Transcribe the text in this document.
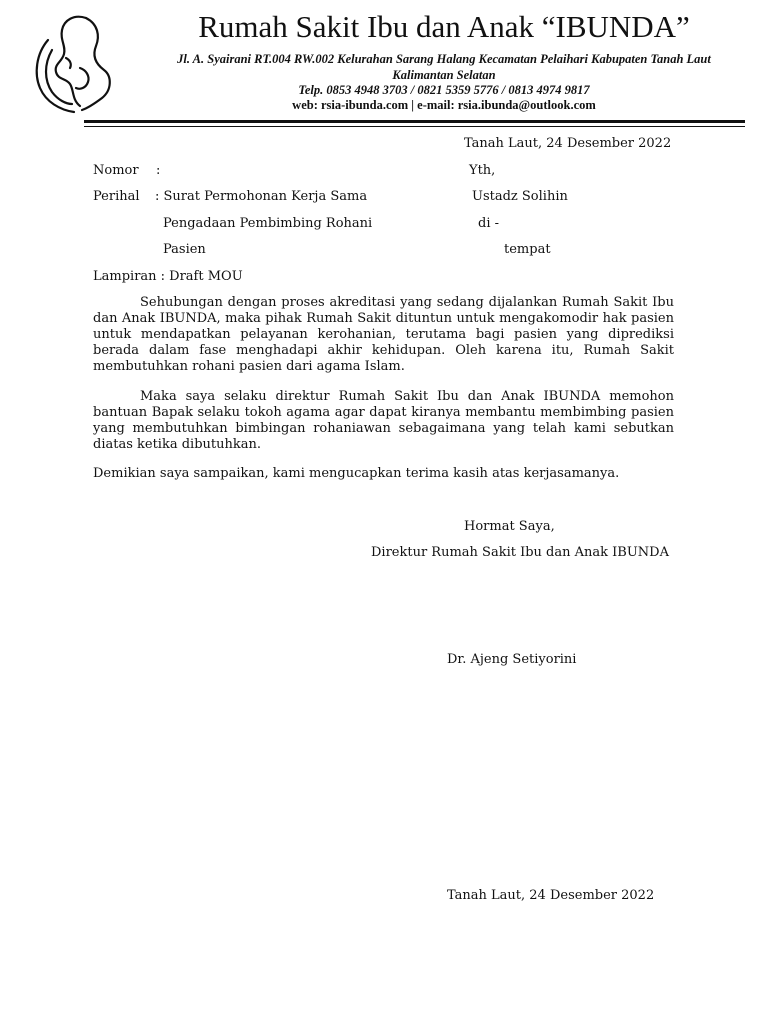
Rumah Sakit Ibu dan Anak “IBUNDA”
Jl. A. Syairani RT.004 RW.002 Kelurahan Sarang Halang Kecamatan Pelaihari Kabupaten Tanah Laut
Kalimantan Selatan
Telp. 0853 4948 3703 / 0821 5359 5776 / 0813 4974 9817
web: rsia-ibunda.com | e-mail: rsia.ibunda@outlook.com
Tanah Laut, 24 Desember 2022
Nomor :
Perihal : Surat Permohonan Kerja Sama
Pengadaan Pembimbing Rohani
Pasien
Lampiran : Draft MOU
Yth,
Ustadz Solihin
di -
tempat

Sehubungan dengan proses akreditasi yang sedang dijalankan Rumah Sakit Ibu dan Anak IBUNDA, maka pihak Rumah Sakit dituntun untuk mengakomodir hak pasien untuk mendapatkan pelayanan kerohanian, terutama bagi pasien yang diprediksi berada dalam fase menghadapi akhir kehidupan. Oleh karena itu, Rumah Sakit membutuhkan rohani pasien dari agama Islam.

Maka saya selaku direktur Rumah Sakit Ibu dan Anak IBUNDA memohon bantuan Bapak selaku tokoh agama agar dapat kiranya membantu membimbing pasien yang membutuhkan bimbingan rohaniawan sebagaimana yang telah kami sebutkan diatas ketika dibutuhkan.

Demikian saya sampaikan, kami mengucapkan terima kasih atas kerjasamanya.
Hormat Saya,
Direktur Rumah Sakit Ibu dan Anak IBUNDA
Dr. Ajeng Setiyorini
Tanah Laut, 24 Desember 2022
